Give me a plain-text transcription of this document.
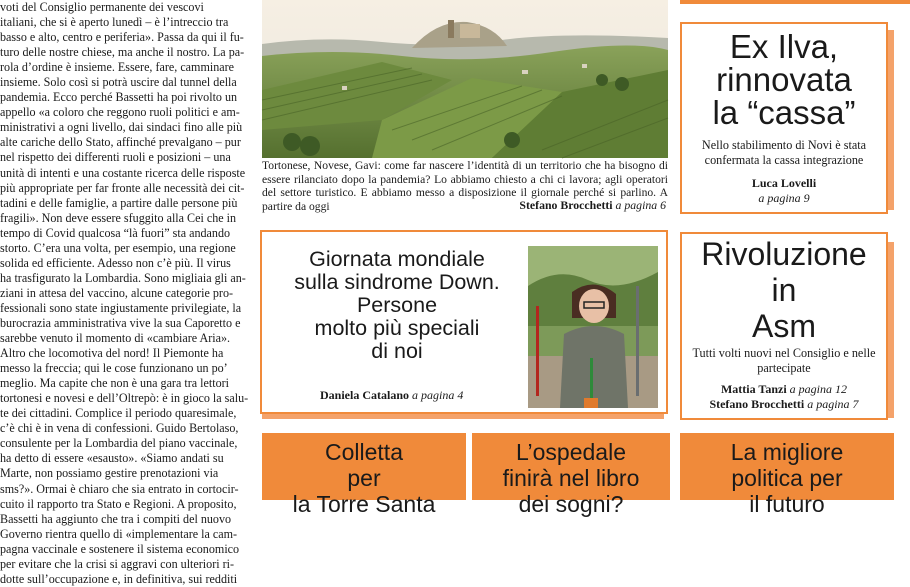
voti del Consiglio permanente dei vescovi
italiani, che si è aperto lunedì – è l’intreccio tra
basso e alto, centro e periferia». Passa da qui il fu-
turo delle nostre chiese, ma anche il nostro. La pa-
rola d’ordine è insieme. Essere, fare, camminare
insieme. Solo così si potrà uscire dal tunnel della
pandemia. Ecco perché Bassetti ha poi rivolto un
appello «a coloro che reggono ruoli politici e am-
ministrativi a ogni livello, dai sindaci fino alle più
alte cariche dello Stato, affinché prevalgano – pur
nel rispetto dei differenti ruoli e posizioni – una
unità di intenti e una costante ricerca delle risposte
più appropriate per far fronte alle necessità dei cit-
tadini e delle famiglie, a partire dalle persone più
fragili». Non deve essere sfuggito alla Cei che in
tempo di Covid qualcosa “là fuori” sta andando
storto. C’era una volta, per esempio, una regione
solida ed efficiente. Adesso non c’è più. Il virus
ha trasfigurato la Lombardia. Sono migliaia gli an-
ziani in attesa del vaccino, alcune categorie pro-
fessionali sono state ingiustamente privilegiate, la
burocrazia amministrativa vive la sua Caporetto e
sarebbe venuto il momento di «cambiare Aria».
Altro che locomotiva del nord! Il Piemonte ha
messo la freccia; qui le cose funzionano un po’
meglio. Ma capite che non è una gara tra lettori
tortonesi e novesi e dell’Oltrepò: è in gioco la salu-
te dei cittadini. Complice il periodo quaresimale,
c’è chi è in vena di confessioni. Guido Bertolaso,
consulente per la Lombardia del piano vaccinale,
ha detto di essere «esausto». «Siamo andati su
Marte, non possiamo gestire prenotazioni via
sms?». Ormai è chiaro che sia entrato in cortocir-
cuito il rapporto tra Stato e Regioni. A proposito,
Bassetti ha aggiunto che tra i compiti del nuovo
Governo rientra quello di «implementare la cam-
pagna vaccinale e sostenere il sistema economico
per evitare che la crisi si aggravi con ulteriori ri-
dotte sull’occupazione e, in definitiva, sui redditi
Tortonese, Novese, Gavi: come far nascere l’identità di un territorio che ha bisogno di essere rilanciato dopo la pandemia? Lo abbiamo chiesto a chi ci lavora; agli operatori del settore turistico. E abbiamo messo a disposizione il giornale perché si parlino. A partire da oggi	Stefano Brocchetti a pagina 6
Ex Ilva,
rinnovata
la “cassa”
Nello stabilimento di Novi è stata confermata la cassa integrazione
Luca Lovelli
a pagina 9
Giornata mondiale
sulla sindrome Down.
Persone
molto più speciali
di noi
Daniela Catalano a pagina 4
Rivoluzione
in
Asm
Tutti volti nuovi nel Consiglio e nelle partecipate
Mattia Tanzi a pagina 12
Stefano Brocchetti a pagina 7
Colletta
per
la Torre Santa
L’ospedale
finirà nel libro
dei sogni?
La migliore
politica per
il futuro
